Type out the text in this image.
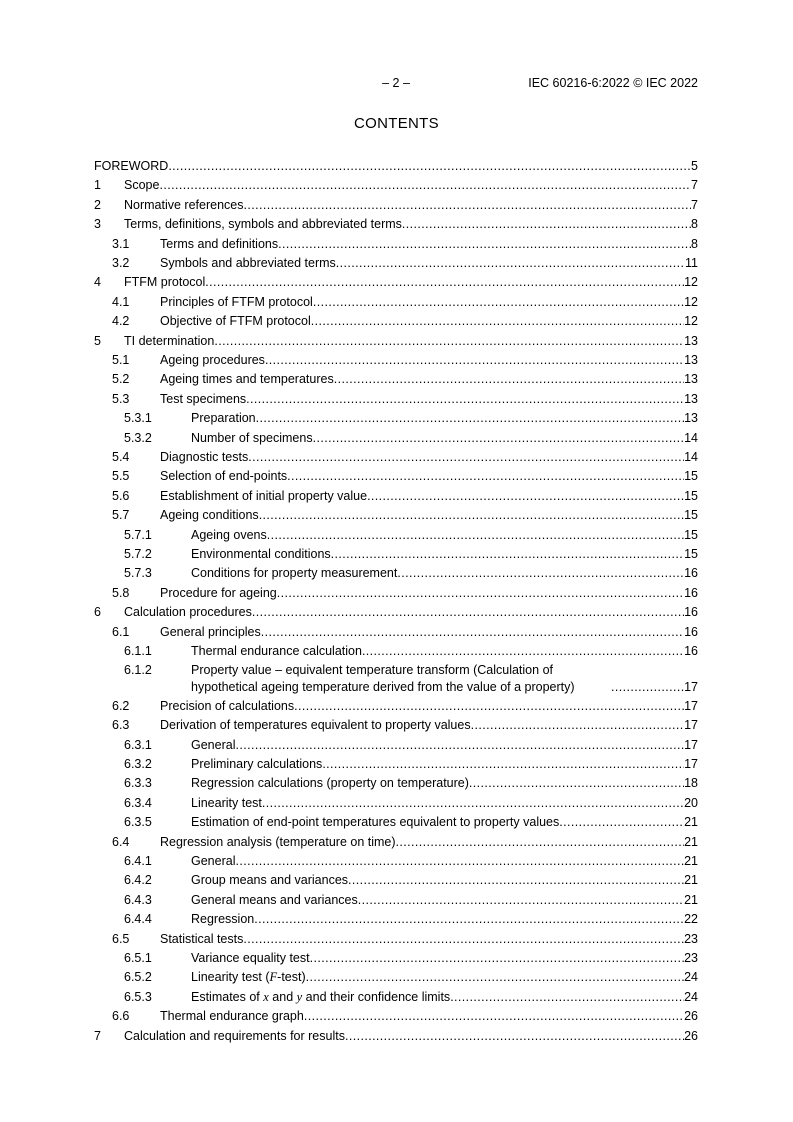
– 2 –	IEC 60216-6:2022 © IEC 2022
CONTENTS
FOREWORD .....	5
1 Scope .....	7
2 Normative references .....	7
3 Terms, definitions, symbols and abbreviated terms .....	8
3.1 Terms and definitions .....	8
3.2 Symbols and abbreviated terms .....	11
4 FTFM protocol .....	12
4.1 Principles of FTFM protocol .....	12
4.2 Objective of FTFM protocol .....	12
5 TI determination .....	13
5.1 Ageing procedures .....	13
5.2 Ageing times and temperatures .....	13
5.3 Test specimens .....	13
5.3.1	Preparation .....	13
5.3.2	Number of specimens .....	14
5.4 Diagnostic tests .....	14
5.5 Selection of end-points .....	15
5.6 Establishment of initial property value .....	15
5.7 Ageing conditions .....	15
5.7.1	Ageing ovens .....	15
5.7.2	Environmental conditions .....	15
5.7.3	Conditions for property measurement .....	16
5.8 Procedure for ageing .....	16
6 Calculation procedures .....	16
6.1 General principles .....	16
6.1.1	Thermal endurance calculation .....	16
6.1.2	Property value – equivalent temperature transform (Calculation of hypothetical ageing temperature derived from the value of a property) .....	17
6.2 Precision of calculations .....	17
6.3 Derivation of temperatures equivalent to property values .....	17
6.3.1	General .....	17
6.3.2	Preliminary calculations .....	17
6.3.3	Regression calculations (property on temperature) .....	18
6.3.4	Linearity test .....	20
6.3.5	Estimation of end-point temperatures equivalent to property values .....	21
6.4 Regression analysis (temperature on time) .....	21
6.4.1	General .....	21
6.4.2	Group means and variances .....	21
6.4.3	General means and variances .....	21
6.4.4	Regression .....	22
6.5 Statistical tests .....	23
6.5.1	Variance equality test .....	23
6.5.2	Linearity test (F-test) .....	24
6.5.3	Estimates of x and y and their confidence limits .....	24
6.6 Thermal endurance graph .....	26
7 Calculation and requirements for results .....	26
